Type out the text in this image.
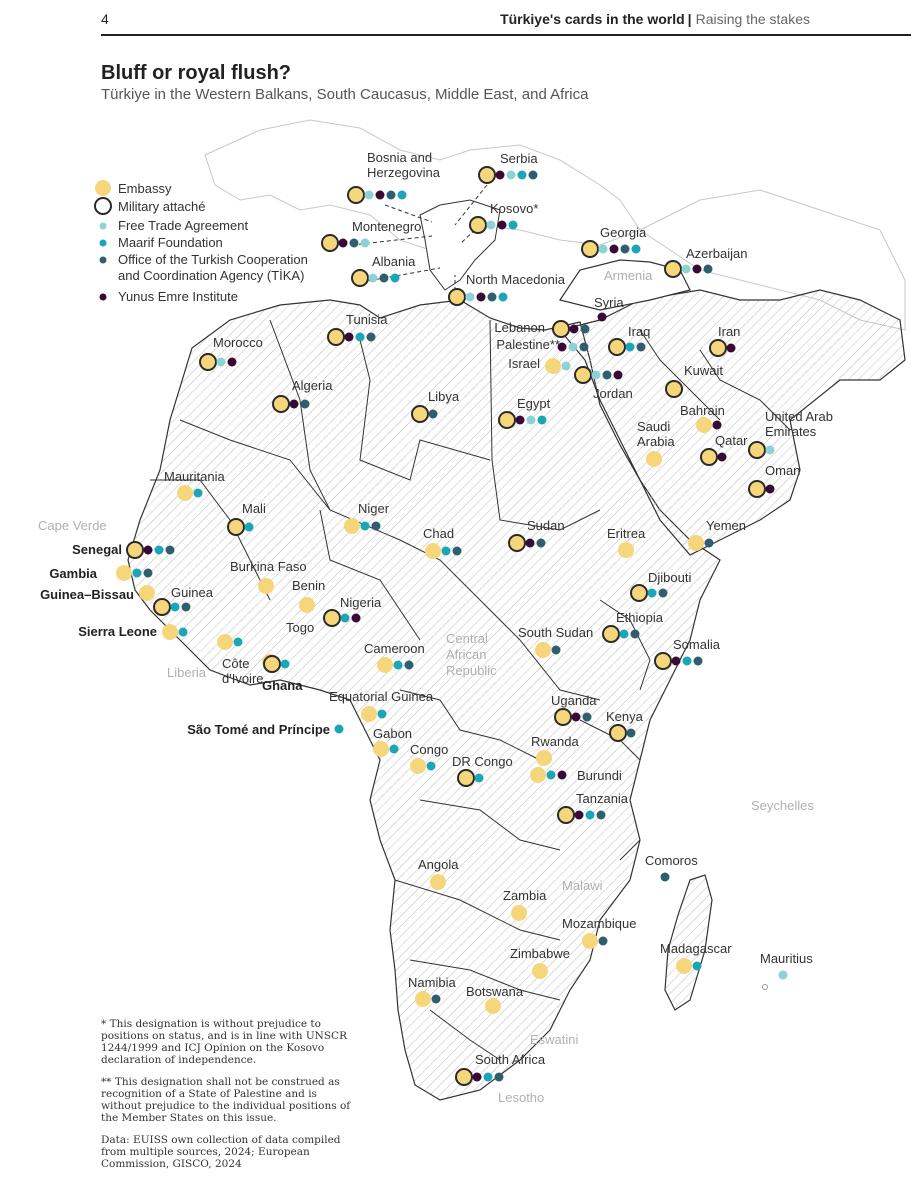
4	Türkiye's cards in the world | Raising the stakes
Bluff or royal flush?
Türkiye in the Western Balkans, South Caucasus, Middle East, and Africa
Embassy
Military attaché
Free Trade Agreement
Maarif Foundation
Office of the Turkish Cooperation
and Coordination Agency (TİKA)
Yunus Emre Institute
Armenia
Cape Verde
Liberia
Central
African
Republic
Malawi
Seychelles
Eswatini
Lesotho
Bosnia and
Herzegovina
Serbia
Montenegro
Kosovo*
Albania
North Macedonia
Georgia
Azerbaijan
Syria
Iran
Lebanon	Iraq
Palestine**
Israel
Jordan
Kuwait
Morocco
Tunisia
Algeria
Libya	Egypt	Bahrain
Saudi
Arabia	Qatar
United Arab
Emirates
Oman
Mauritania
Mali	Niger
Chad
Sudan
Eritrea
Yemen
Senegal
Gambia
Guinea–Bissau	Guinea
Sierra Leone
Burkina Faso
Benin
Nigeria
Djibouti
Ethiopia
Côte
d'Ivoire
Togo
Ghana
Cameroon
South Sudan
Somalia
Equatorial Guinea
São Tomé and Príncipe
Uganda
Kenya
Gabon
Congo
DR Congo
Rwanda
Burundi
Tanzania
Comoros
Angola
Zambia
Mozambique
Madagascar
Mauritius
Zimbabwe
Namibia
Botswana
South Africa

* This designation is without prejudice to positions on status, and is in line with UNSCR 1244/1999 and ICJ Opinion on the Kosovo declaration of independence.

** This designation shall not be construed as recognition of a State of Palestine and is without prejudice to the individual positions of the Member States on this issue.

Data: EUISS own collection of data compiled from multiple sources, 2024; European Commission, GISCO, 2024
